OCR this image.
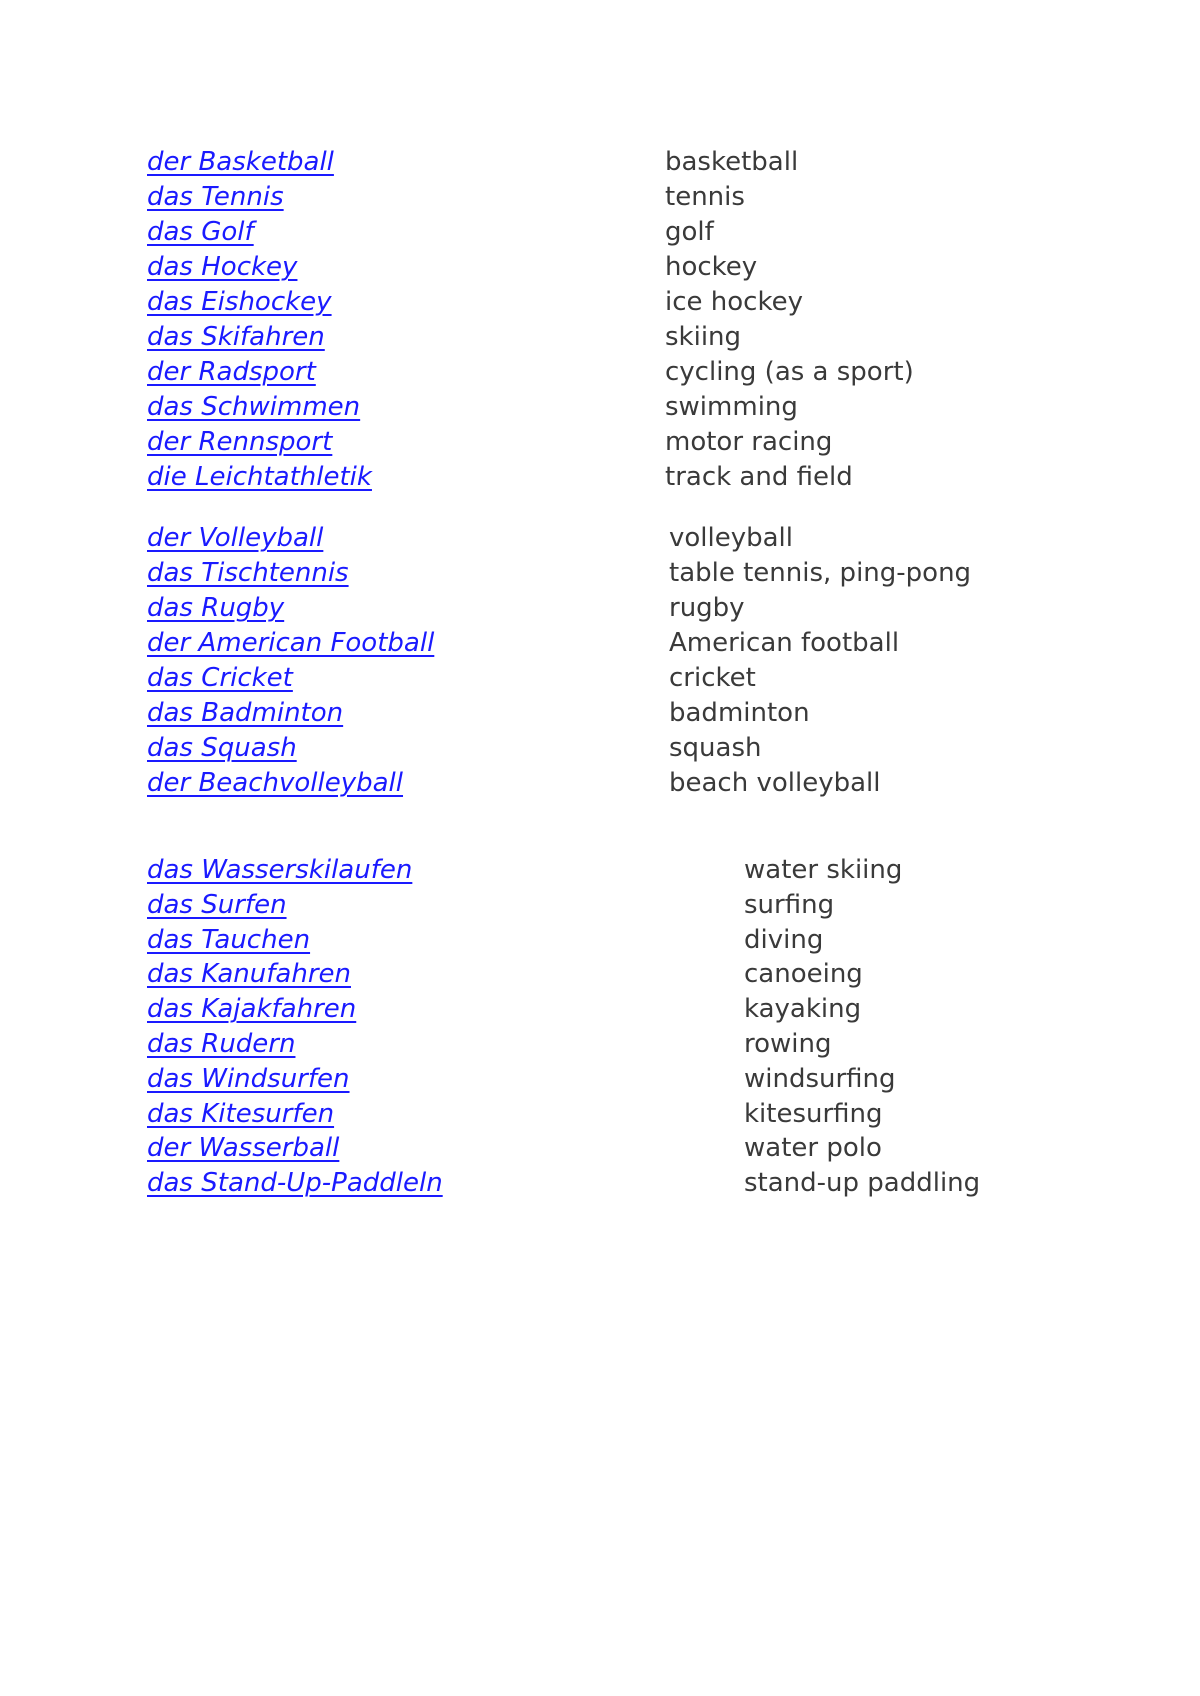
der Basketball	basketball
das Tennis	tennis
das Golf	golf
das Hockey	hockey
das Eishockey	ice hockey
das Skifahren	skiing
der Radsport	cycling (as a sport)
das Schwimmen	swimming
der Rennsport	motor racing
die Leichtathletik	track and field
der Volleyball	volleyball
das Tischtennis	table tennis, ping-pong
das Rugby	rugby
der American Football	American football
das Cricket	cricket
das Badminton	badminton
das Squash	squash
der Beachvolleyball	beach volleyball
das Wasserskilaufen	water skiing
das Surfen	surfing
das Tauchen	diving
das Kanufahren	canoeing
das Kajakfahren	kayaking
das Rudern	rowing
das Windsurfen	windsurfing
das Kitesurfen	kitesurfing
der Wasserball	water polo
das Stand-Up-Paddleln	stand-up paddling
